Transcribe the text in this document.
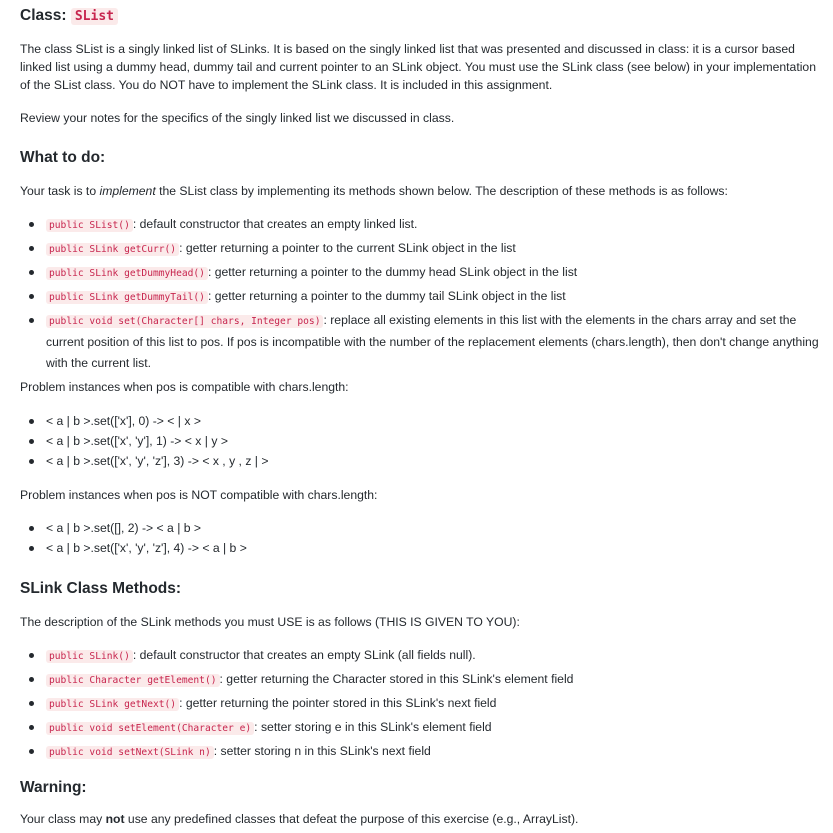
Class: SList

The class SList is a singly linked list of SLinks. It is based on the singly linked list that was presented and discussed in class: it is a cursor based linked list using a dummy head, dummy tail and current pointer to an SLink object. You must use the SLink class (see below) in your implementation of the SList class. You do NOT have to implement the SLink class. It is included in this assignment.

Review your notes for the specifics of the singly linked list we discussed in class.

What to do:

Your task is to implement the SList class by implementing its methods shown below. The description of these methods is as follows:

public SList() : default constructor that creates an empty linked list.
public SLink getCurr() : getter returning a pointer to the current SLink object in the list
public SLink getDummyHead() : getter returning a pointer to the dummy head SLink object in the list
public SLink getDummyTail() : getter returning a pointer to the dummy tail SLink object in the list
public void set(Character[] chars, Integer pos) : replace all existing elements in this list with the elements in the chars array and set the current position of this list to pos. If pos is incompatible with the number of the replacement elements (chars.length), then don't change anything with the current list.

Problem instances when pos is compatible with chars.length:

< a | b >.set(['x'], 0) -> < | x >
< a | b >.set(['x', 'y'], 1) -> < x | y >
< a | b >.set(['x', 'y', 'z'], 3) -> < x , y , z | >

Problem instances when pos is NOT compatible with chars.length:

< a | b >.set([], 2) -> < a | b >
< a | b >.set(['x', 'y', 'z'], 4) -> < a | b >
SLink Class Methods:

The description of the SLink methods you must USE is as follows (THIS IS GIVEN TO YOU):

public SLink() : default constructor that creates an empty SLink (all fields null).
public Character getElement() : getter returning the Character stored in this SLink's element field
public SLink getNext() : getter returning the pointer stored in this SLink's next field
public void setElement(Character e) : setter storing e in this SLink's element field
public void setNext(SLink n) : setter storing n in this SLink's next field
Warning:

Your class may not use any predefined classes that defeat the purpose of this exercise (e.g., ArrayList).
